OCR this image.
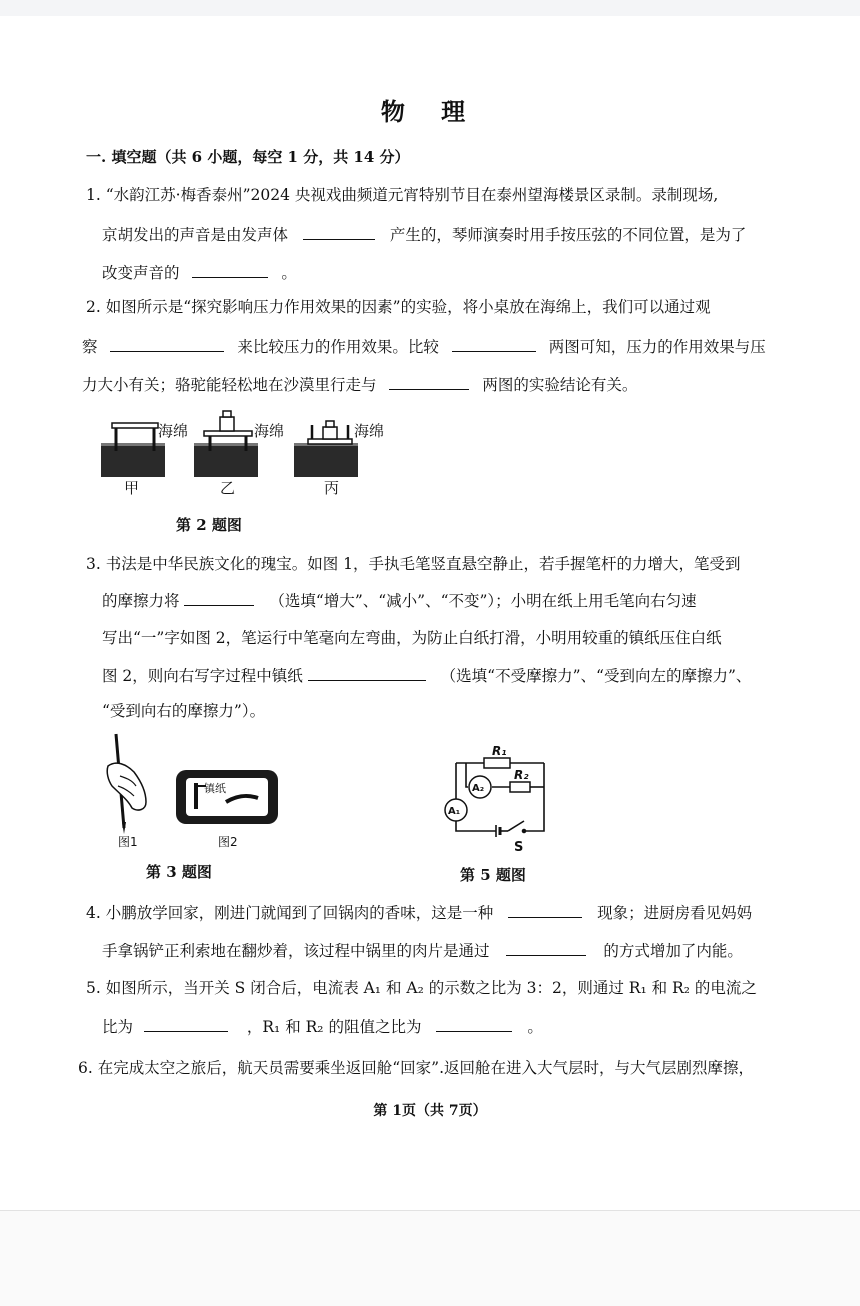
物 理
一. 填空题（共 6 小题，每空 1 分，共 14 分）
1. “水韵江苏·梅香泰州”2024 央视戏曲频道元宵特别节目在泰州望海楼景区录制。录制现场,
京胡发出的声音是由发声体	产生的，琴师演奏时用手按压弦的不同位置，是为了
改变声音的	。
2. 如图所示是“探究影响压力作用效果的因素”的实验，将小桌放在海绵上，我们可以通过观
察	来比较压力的作用效果。比较	两图可知，压力的作用效果与压
力大小有关；骆驼能轻松地在沙漠里行走与	两图的实验结论有关。
海绵
甲
海绵
乙
海绵
丙
第 2 题图
3. 书法是中华民族文化的瑰宝。如图 1，手执毛笔竖直悬空静止，若手握笔杆的力增大，笔受到
的摩擦力将	（选填“增大”、“减小”、“不变”）；小明在纸上用毛笔向右匀速
写出“一”字如图 2，笔运行中笔毫向左弯曲，为防止白纸打滑，小明用较重的镇纸压住白纸
图 2，则向右写字过程中镇纸	（选填“不受摩擦力”、“受到向左的摩擦力”、
“受到向右的摩擦力”）。
图1
镇纸
图2
第 3 题图
R₁
R₂
A₂
A₁
S
第 5 题图
4. 小鹏放学回家，刚进门就闻到了回锅肉的香味，这是一种	现象；进厨房看见妈妈
手拿锅铲正利索地在翻炒着，该过程中锅里的肉片是通过	的方式增加了内能。
5. 如图所示，当开关 S 闭合后，电流表 A₁ 和 A₂ 的示数之比为 3：2，则通过 R₁ 和 R₂ 的电流之
比为	，R₁ 和 R₂ 的阻值之比为	。
6. 在完成太空之旅后，航天员需要乘坐返回舱“回家”.返回舱在进入大气层时，与大气层剧烈摩擦，
第 1页（共 7页）
